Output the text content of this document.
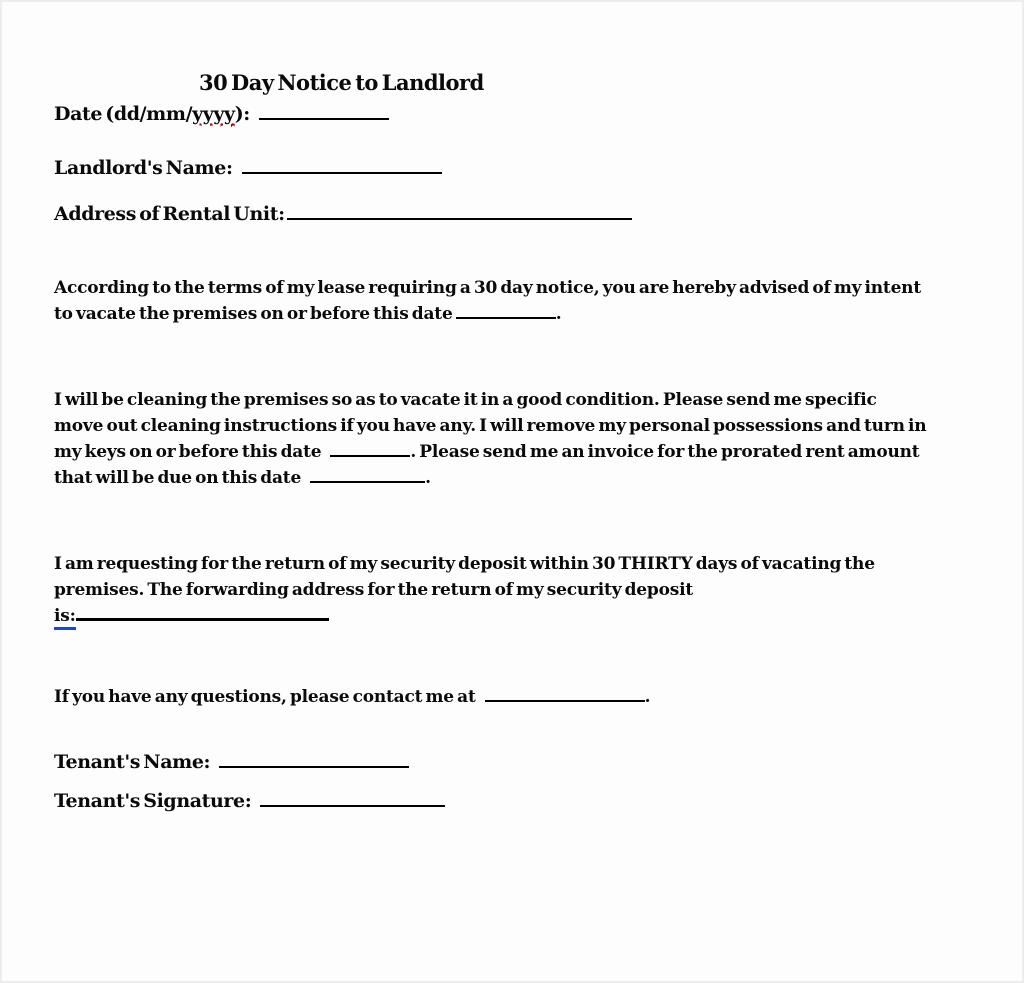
30 Day Notice to Landlord
Date (dd/mm/yyyy):
Landlord's Name:
Address of Rental Unit:
According to the terms of my lease requiring a 30 day notice, you are hereby advised of my intent
to vacate the premises on or before this date	.
I will be cleaning the premises so as to vacate it in a good condition. Please send me specific
move out cleaning instructions if you have any. I will remove my personal possessions and turn in
my keys on or before this date	. Please send me an invoice for the prorated rent amount
that will be due on this date	.
I am requesting for the return of my security deposit within 30 THIRTY days of vacating the
premises. The forwarding address for the return of my security deposit
is:
If you have any questions, please contact me at	.
Tenant's Name:
Tenant's Signature:
